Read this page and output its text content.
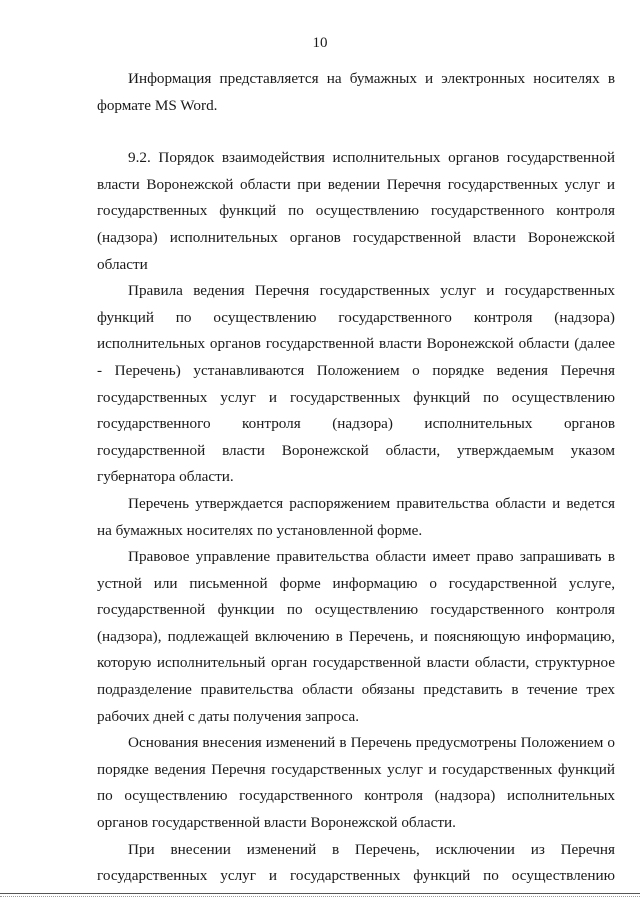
10

Информация представляется на бумажных и электронных носителях в формате MS Word.

9.2. Порядок взаимодействия исполнительных органов государственной власти Воронежской области при ведении Перечня государственных услуг и государственных функций по осуществлению государственного контроля (надзора) исполнительных органов государственной власти Воронежской области

Правила ведения Перечня государственных услуг и государственных функций по осуществлению государственного контроля (надзора) исполнительных органов государственной власти Воронежской области (далее - Перечень) устанавливаются Положением о порядке ведения Перечня государственных услуг и государственных функций по осуществлению государственного контроля (надзора) исполнительных органов государственной власти Воронежской области, утверждаемым указом губернатора области.

Перечень утверждается распоряжением правительства области и ведется на бумажных носителях по установленной форме.

Правовое управление правительства области имеет право запрашивать в устной или письменной форме информацию о государственной услуге, государственной функции по осуществлению государственного контроля (надзора), подлежащей включению в Перечень, и поясняющую информацию, которую исполнительный орган государственной власти области, структурное подразделение правительства области обязаны представить в течение трех рабочих дней с даты получения запроса.

Основания внесения изменений в Перечень предусмотрены Положением о порядке ведения Перечня государственных услуг и государственных функций по осуществлению государственного контроля (надзора) исполнительных органов государственной власти Воронежской области.

При внесении изменений в Перечень, исключении из Перечня государственных услуг и государственных функций по осуществлению
